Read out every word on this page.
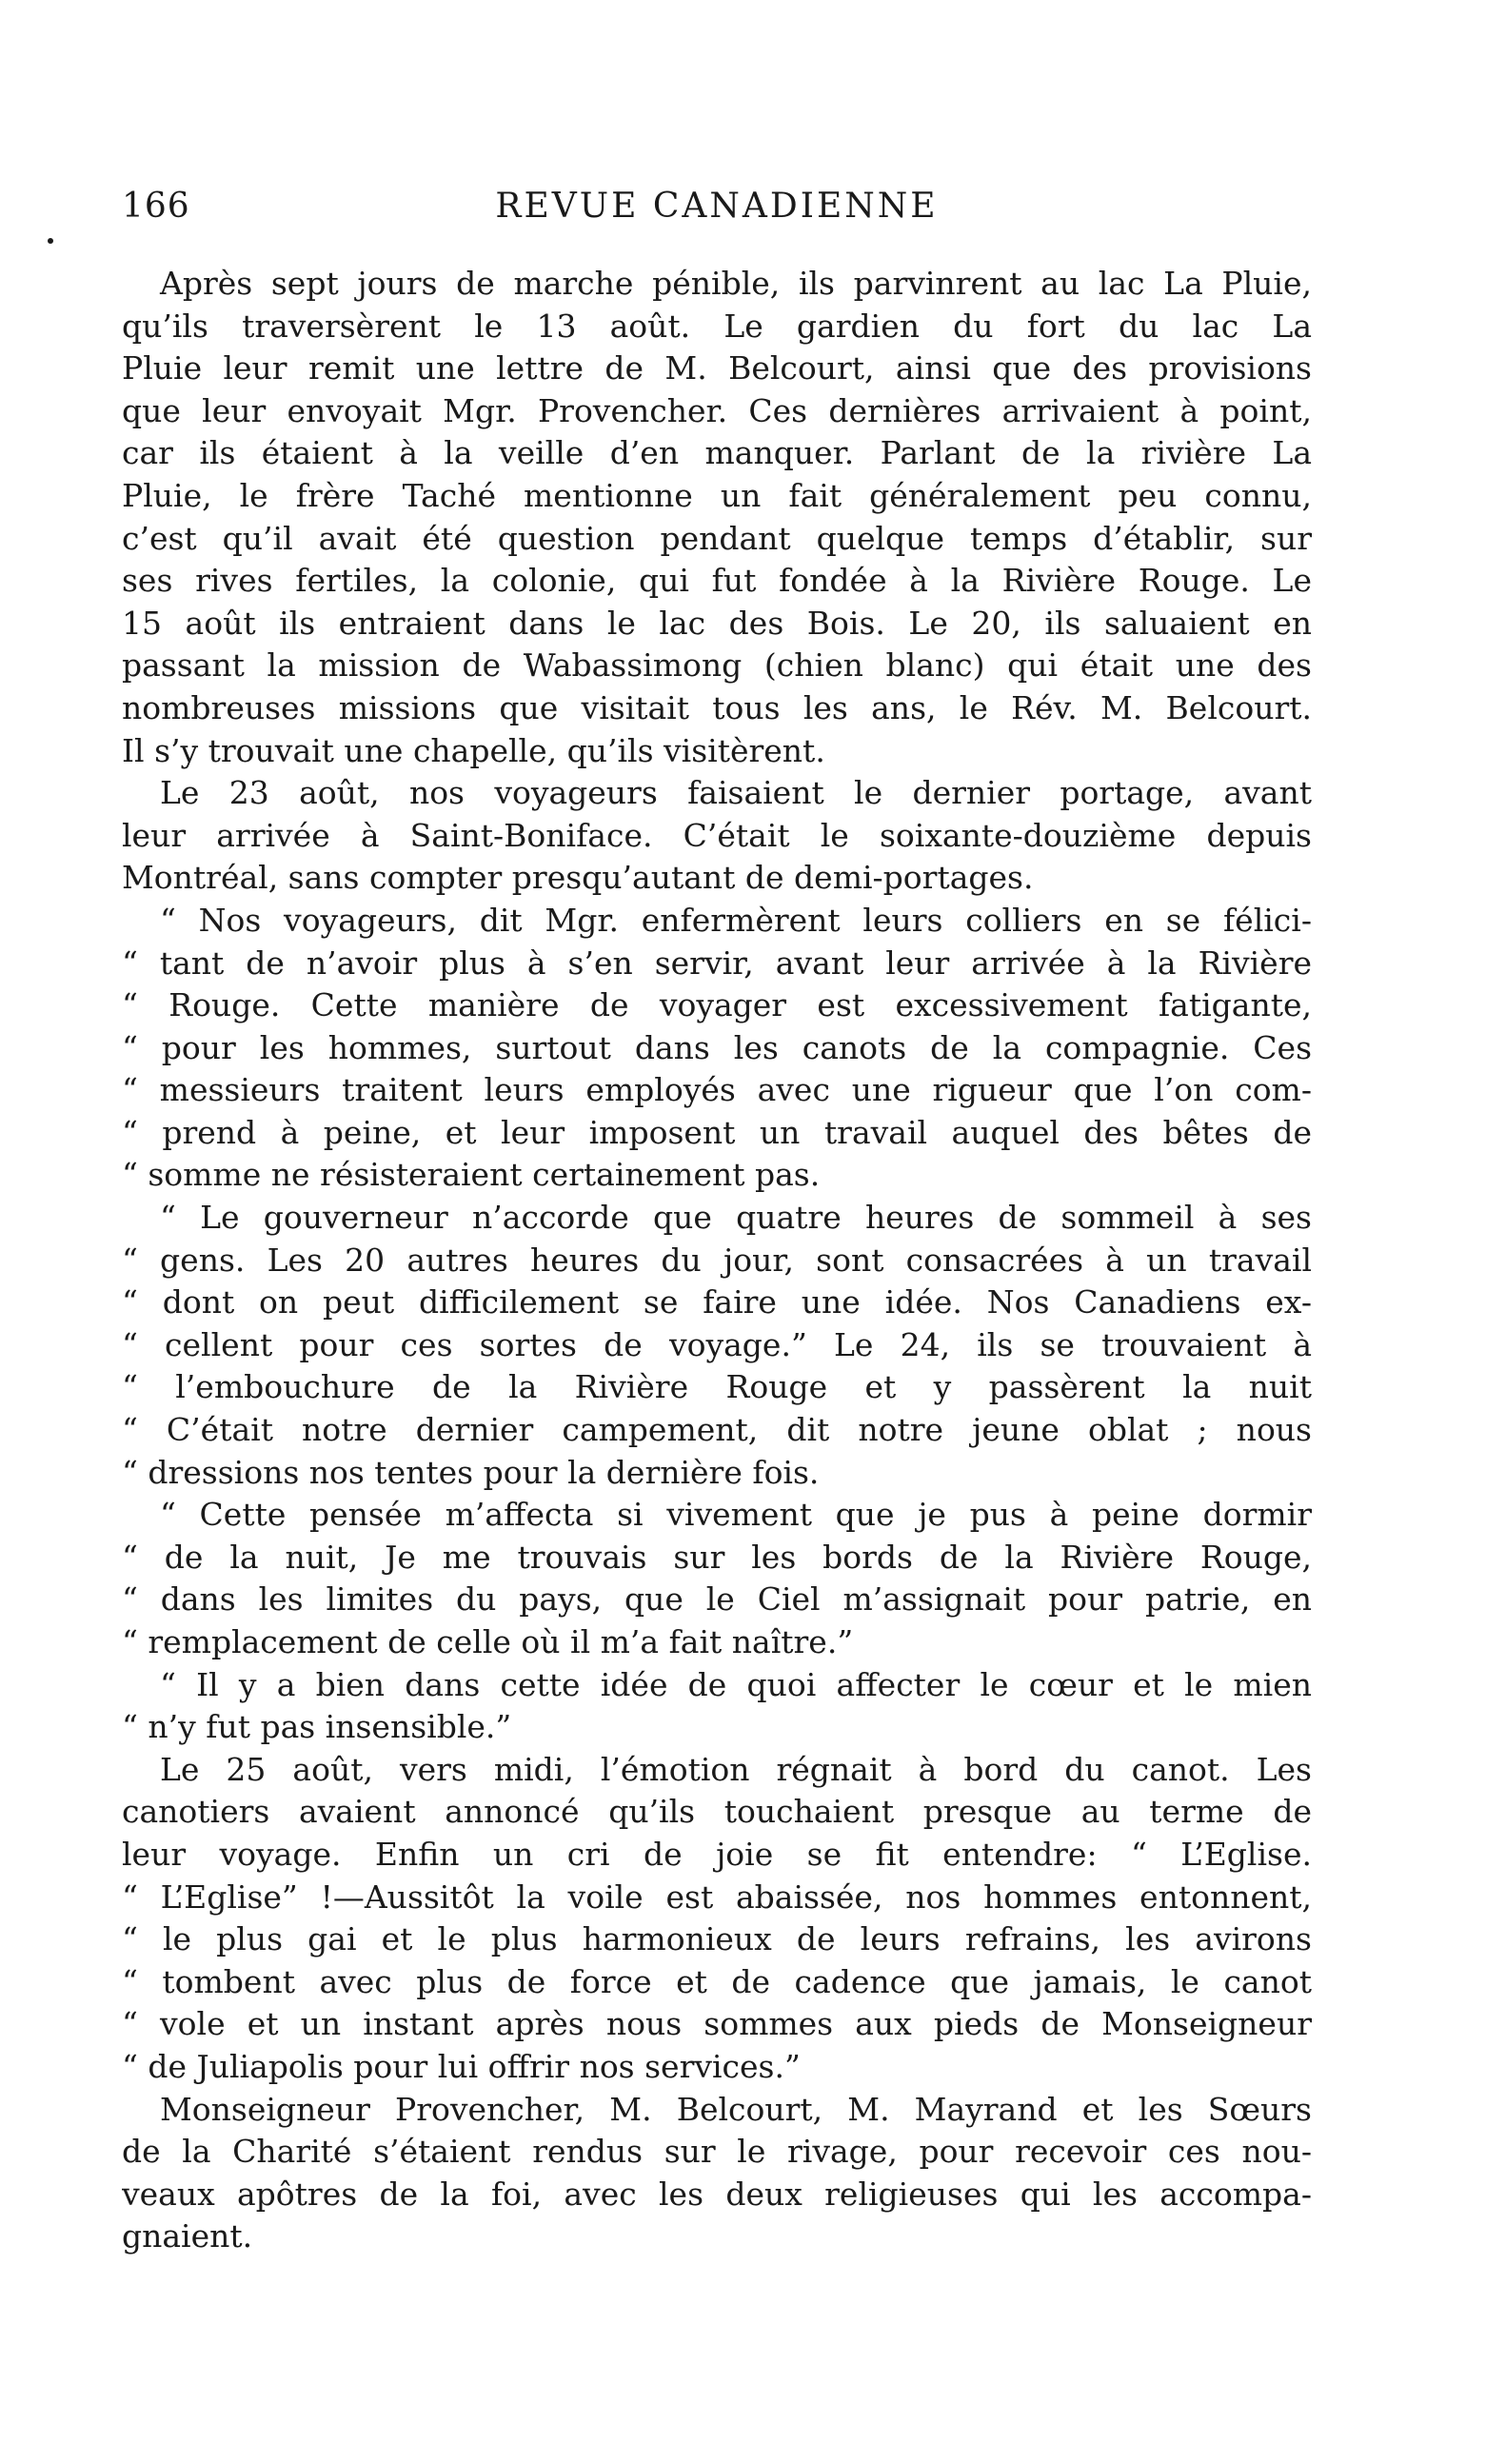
166	REVUE CANADIENNE
Après sept jours de marche pénible, ils parvinrent au lac La Pluie,
qu’ils traversèrent le 13 août. Le gardien du fort du lac La
Pluie leur remit une lettre de M. Belcourt, ainsi que des provisions
que leur envoyait Mgr. Provencher. Ces dernières arrivaient à point,
car ils étaient à la veille d’en manquer. Parlant de la rivière La
Pluie, le frère Taché mentionne un fait généralement peu connu,
c’est qu’il avait été question pendant quelque temps d’établir, sur
ses rives fertiles, la colonie, qui fut fondée à la Rivière Rouge. Le
15 août ils entraient dans le lac des Bois. Le 20, ils saluaient en
passant la mission de Wabassimong (chien blanc) qui était une des
nombreuses missions que visitait tous les ans, le Rév. M. Belcourt.
Il s’y trouvait une chapelle, qu’ils visitèrent.
Le 23 août, nos voyageurs faisaient le dernier portage, avant
leur arrivée à Saint-Boniface. C’était le soixante-douzième depuis
Montréal, sans compter presqu’autant de demi-portages.
“ Nos voyageurs, dit Mgr. enfermèrent leurs colliers en se félici-
“ tant de n’avoir plus à s’en servir, avant leur arrivée à la Rivière
“ Rouge. Cette manière de voyager est excessivement fatigante,
“ pour les hommes, surtout dans les canots de la compagnie. Ces
“ messieurs traitent leurs employés avec une rigueur que l’on com-
“ prend à peine, et leur imposent un travail auquel des bêtes de
“ somme ne résisteraient certainement pas.
“ Le gouverneur n’accorde que quatre heures de sommeil à ses
“ gens. Les 20 autres heures du jour, sont consacrées à un travail
“ dont on peut difficilement se faire une idée. Nos Canadiens ex-
“ cellent pour ces sortes de voyage.” Le 24, ils se trouvaient à
“ l’embouchure de la Rivière Rouge et y passèrent la nuit
“ C’était notre dernier campement, dit notre jeune oblat ; nous
“ dressions nos tentes pour la dernière fois.
“ Cette pensée m’affecta si vivement que je pus à peine dormir
“ de la nuit, Je me trouvais sur les bords de la Rivière Rouge,
“ dans les limites du pays, que le Ciel m’assignait pour patrie, en
“ remplacement de celle où il m’a fait naître.”
“ Il y a bien dans cette idée de quoi affecter le cœur et le mien
“ n’y fut pas insensible.”
Le 25 août, vers midi, l’émotion régnait à bord du canot. Les
canotiers avaient annoncé qu’ils touchaient presque au terme de
leur voyage. Enfin un cri de joie se fit entendre: “ L’Eglise.
“ L’Eglise” !—Aussitôt la voile est abaissée, nos hommes entonnent,
“ le plus gai et le plus harmonieux de leurs refrains, les avirons
“ tombent avec plus de force et de cadence que jamais, le canot
“ vole et un instant après nous sommes aux pieds de Monseigneur
“ de Juliapolis pour lui offrir nos services.”
Monseigneur Provencher, M. Belcourt, M. Mayrand et les Sœurs
de la Charité s’étaient rendus sur le rivage, pour recevoir ces nou-
veaux apôtres de la foi, avec les deux religieuses qui les accompa-
gnaient.
